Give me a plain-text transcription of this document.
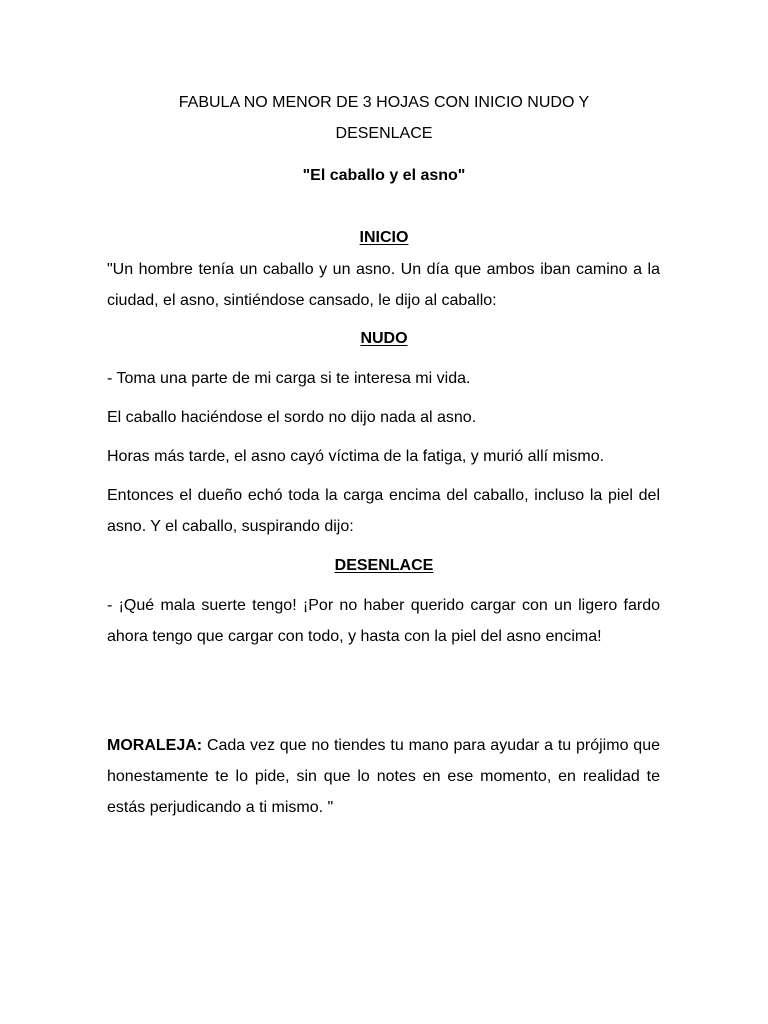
FABULA NO MENOR DE 3 HOJAS CON INICIO NUDO Y
DESENLACE
"El caballo y el asno"
INICIO
"Un hombre tenía un caballo y un asno. Un día que ambos iban camino a la ciudad, el asno, sintiéndose cansado, le dijo al caballo:
NUDO
- Toma una parte de mi carga si te interesa mi vida.
El caballo haciéndose el sordo no dijo nada al asno.
Horas más tarde, el asno cayó víctima de la fatiga, y murió allí mismo.
Entonces el dueño echó toda la carga encima del caballo, incluso la piel del asno. Y el caballo, suspirando dijo:
DESENLACE
- ¡Qué mala suerte tengo! ¡Por no haber querido cargar con un ligero fardo ahora tengo que cargar con todo, y hasta con la piel del asno encima!
MORALEJA: Cada vez que no tiendes tu mano para ayudar a tu prójimo que honestamente te lo pide, sin que lo notes en ese momento, en realidad te estás perjudicando a ti mismo. "
